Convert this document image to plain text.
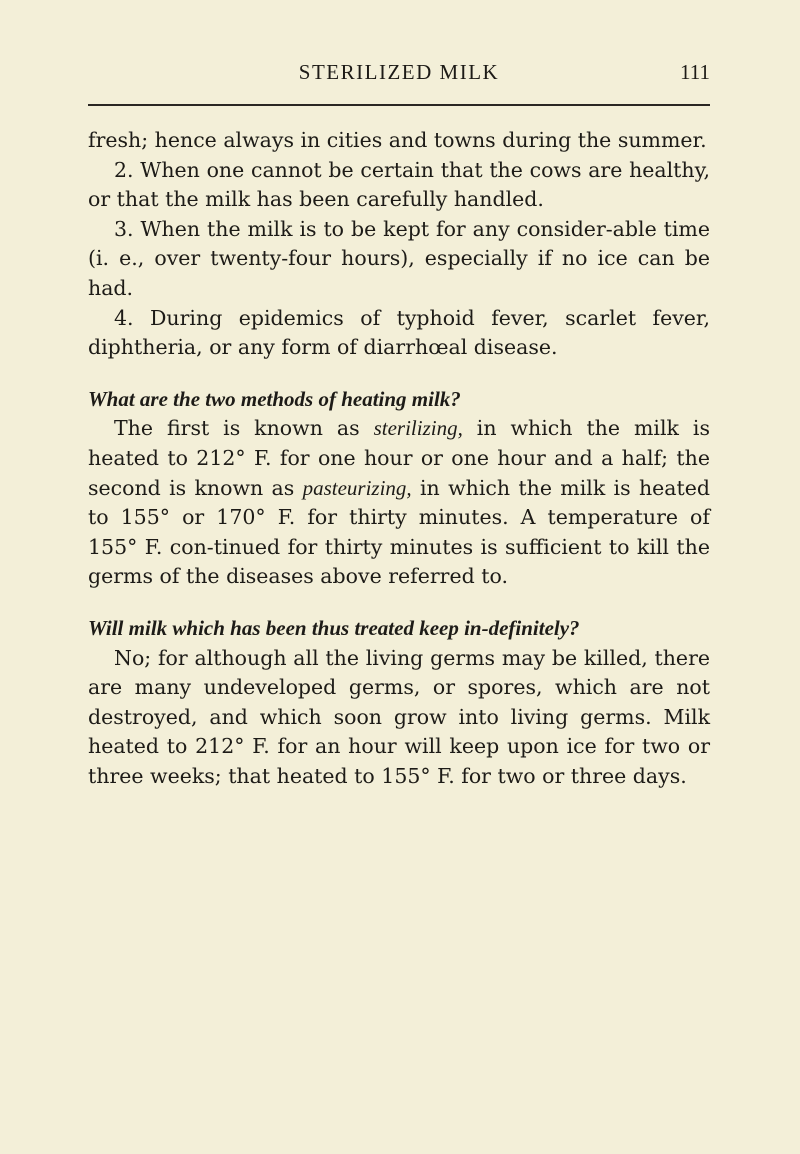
STERILIZED MILK	111

fresh; hence always in cities and towns during the summer.

2. When one cannot be certain that the cows are healthy, or that the milk has been carefully handled.

3. When the milk is to be kept for any consider-able time (i. e., over twenty-four hours), especially if no ice can be had.

4. During epidemics of typhoid fever, scarlet fever, diphtheria, or any form of diarrhœal disease.

What are the two methods of heating milk?

The first is known as sterilizing, in which the milk is heated to 212° F. for one hour or one hour and a half; the second is known as pasteurizing, in which the milk is heated to 155° or 170° F. for thirty minutes. A temperature of 155° F. con-tinued for thirty minutes is sufficient to kill the germs of the diseases above referred to.

Will milk which has been thus treated keep in-definitely?

No; for although all the living germs may be killed, there are many undeveloped germs, or spores, which are not destroyed, and which soon grow into living germs. Milk heated to 212° F. for an hour will keep upon ice for two or three weeks; that heated to 155° F. for two or three days.
